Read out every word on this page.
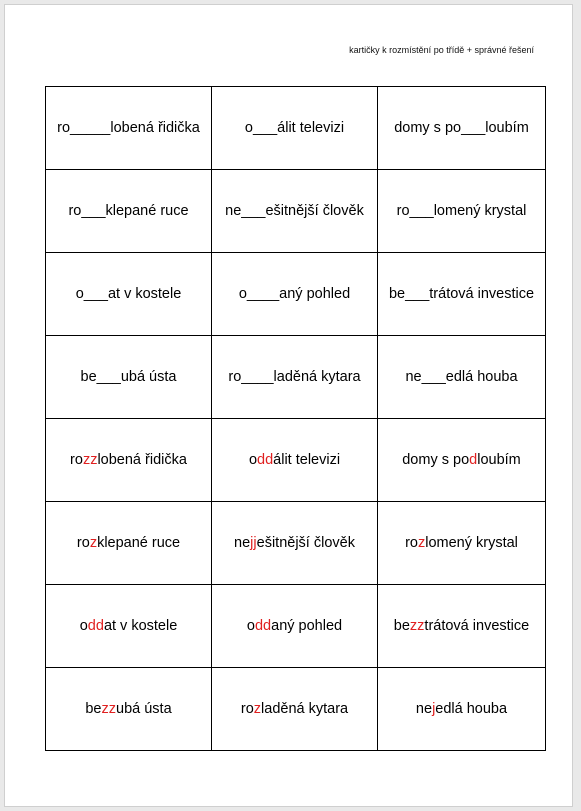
kartičky k rozmístění po třídě + správné řešení
ro_____lobená řidička	o___álit televizi	domy s po___loubím
ro___klepané ruce	ne___ešitnější člověk	ro___lomený krystal
o___at v kostele	o____aný pohled	be___trátová investice
be___ubá ústa	ro____laděná kytara	ne___edlá houba
rozzlobená řidička	oddálit televizi	domy s podloubím
rozklepané ruce	nejješitnější člověk	rozlomený krystal
oddat v kostele	oddaný pohled	bezztrátová investice
bezzubá ústa	rozladěná kytara	nejedlá houba
